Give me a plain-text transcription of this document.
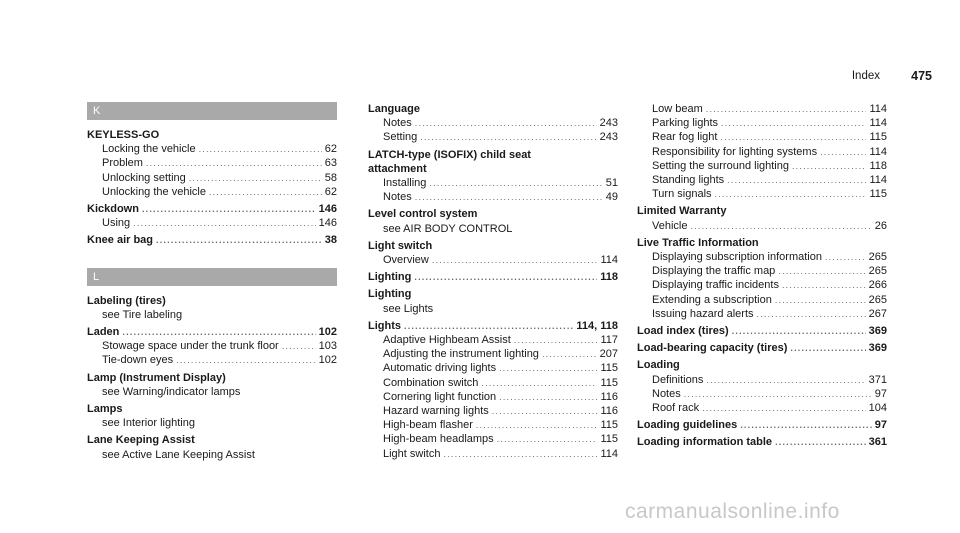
Index 475
K
KEYLESS-GO
Locking the vehicle .....	62
Problem .....	63
Unlocking setting .....	58
Unlocking the vehicle .....	62
Kickdown .....	146
Using .....	146
Knee air bag .....	38
L
Labeling (tires)
see Tire labeling
Laden .....	102
Stowage space under the trunk floor .....	103
Tie-down eyes .....	102
Lamp (Instrument Display)
see Warning/indicator lamps
Lamps
see Interior lighting
Lane Keeping Assist
see Active Lane Keeping Assist
Language
Notes .....	243
Setting .....	243
LATCH-type (ISOFIX) child seat
attachment
Installing .....	51
Notes .....	49
Level control system
see AIR BODY CONTROL
Light switch
Overview .....	114
Lighting .....	118
Lighting
see Lights
Lights .....	114, 118
Adaptive Highbeam Assist .....	117
Adjusting the instrument lighting .....	207
Automatic driving lights .....	115
Combination switch .....	115
Cornering light function .....	116
Hazard warning lights .....	116
High-beam flasher .....	115
High-beam headlamps .....	115
Light switch .....	114
Low beam .....	114
Parking lights .....	114
Rear fog light .....	115
Responsibility for lighting systems .....	114
Setting the surround lighting .....	118
Standing lights .....	114
Turn signals .....	115
Limited Warranty
Vehicle .....	26
Live Traffic Information
Displaying subscription information .....	265
Displaying the traffic map .....	265
Displaying traffic incidents .....	266
Extending a subscription .....	265
Issuing hazard alerts .....	267
Load index (tires) .....	369
Load-bearing capacity (tires) .....	369
Loading
Definitions .....	371
Notes .....	97
Roof rack .....	104
Loading guidelines .....	97
Loading information table .....	361
carmanualsonline.info
